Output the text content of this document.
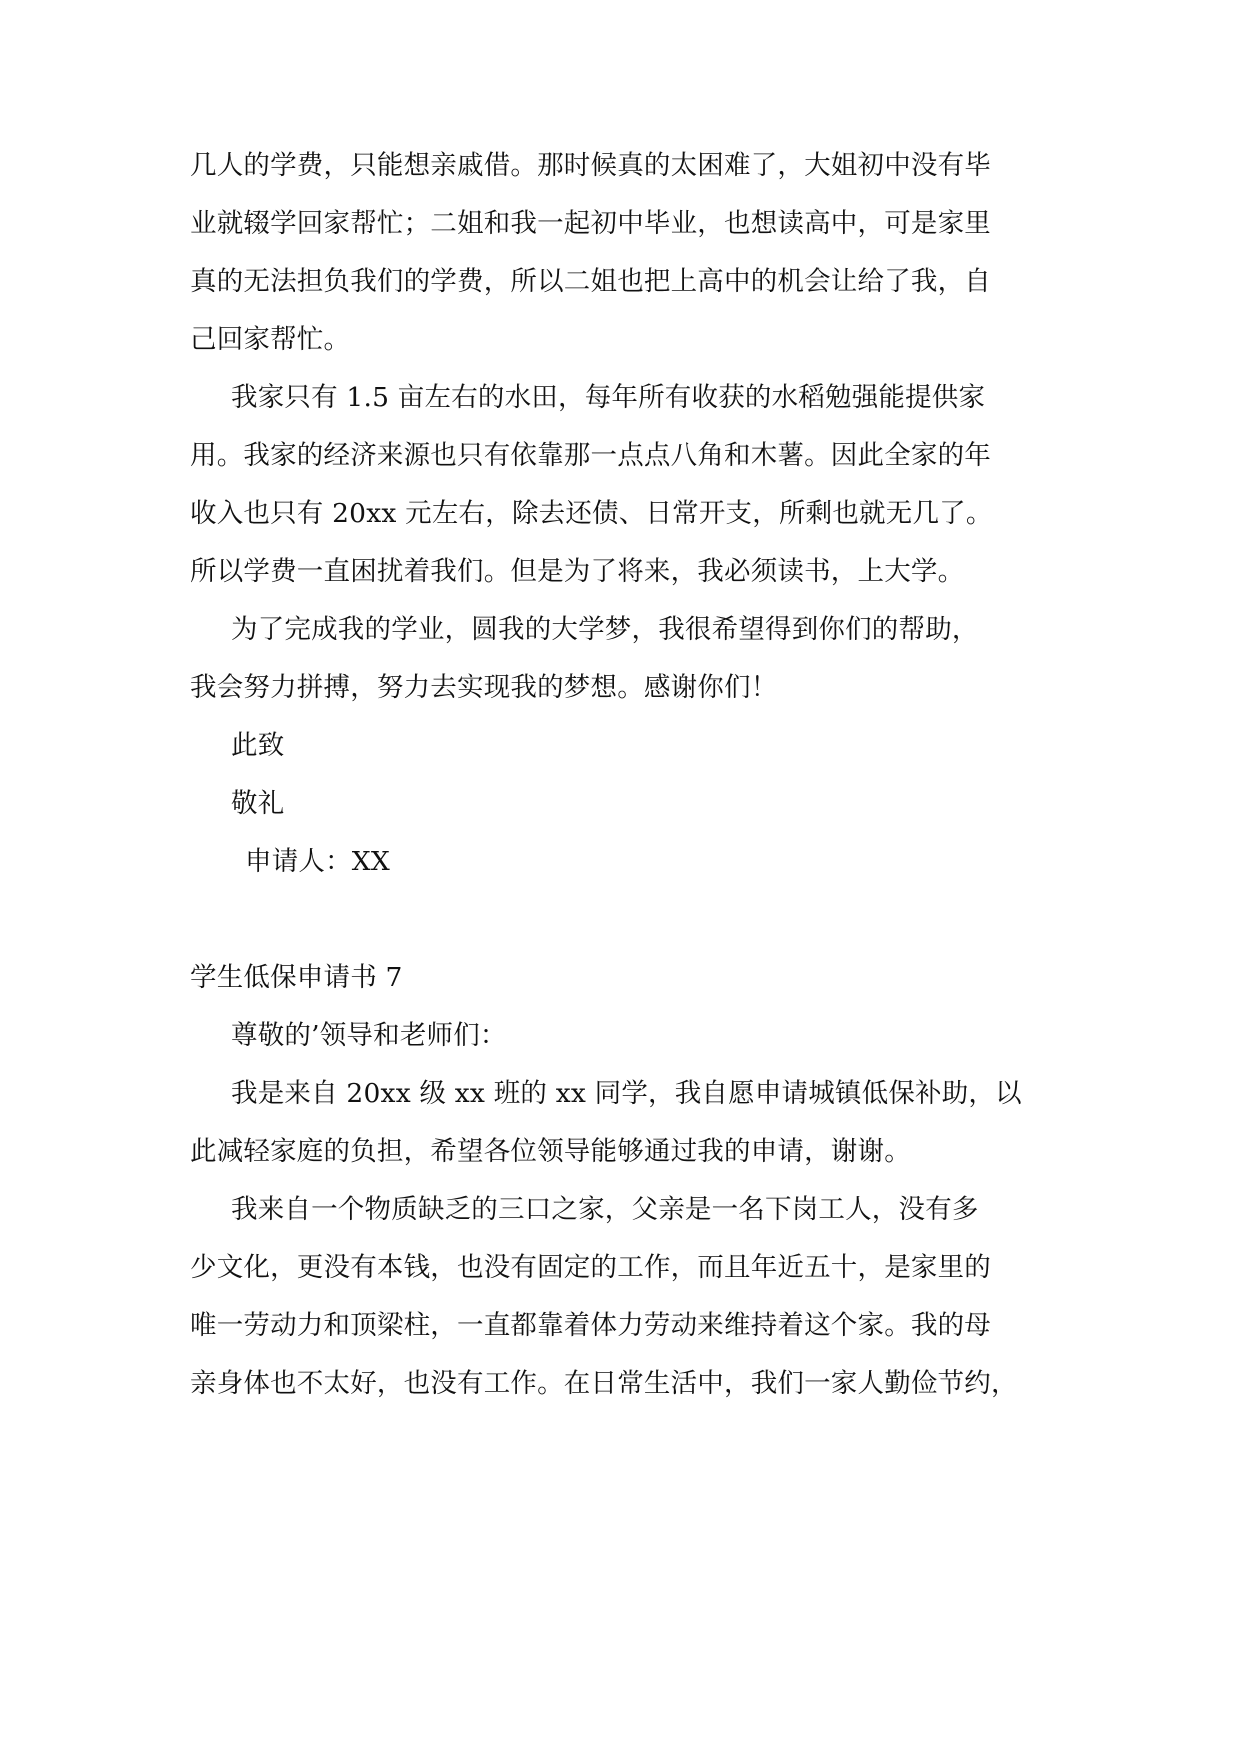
几人的学费，只能想亲戚借。那时候真的太困难了，大姐初中没有毕
业就辍学回家帮忙；二姐和我一起初中毕业，也想读高中，可是家里
真的无法担负我们的学费，所以二姐也把上高中的机会让给了我，自
己回家帮忙。
我家只有 1.5 亩左右的水田，每年所有收获的水稻勉强能提供家
用。我家的经济来源也只有依靠那一点点八角和木薯。因此全家的年
收入也只有 20xx 元左右，除去还债、日常开支，所剩也就无几了。
所以学费一直困扰着我们。但是为了将来，我必须读书，上大学。
为了完成我的学业，圆我的大学梦，我很希望得到你们的帮助，
我会努力拼搏，努力去实现我的梦想。感谢你们！
此致
敬礼
申请人：XX
学生低保申请书 7
尊敬的’领导和老师们：
我是来自 20xx 级 xx 班的 xx 同学，我自愿申请城镇低保补助，以
此减轻家庭的负担，希望各位领导能够通过我的申请，谢谢。
我来自一个物质缺乏的三口之家，父亲是一名下岗工人，没有多
少文化，更没有本钱，也没有固定的工作，而且年近五十，是家里的
唯一劳动力和顶梁柱，一直都靠着体力劳动来维持着这个家。我的母
亲身体也不太好，也没有工作。在日常生活中，我们一家人勤俭节约，
